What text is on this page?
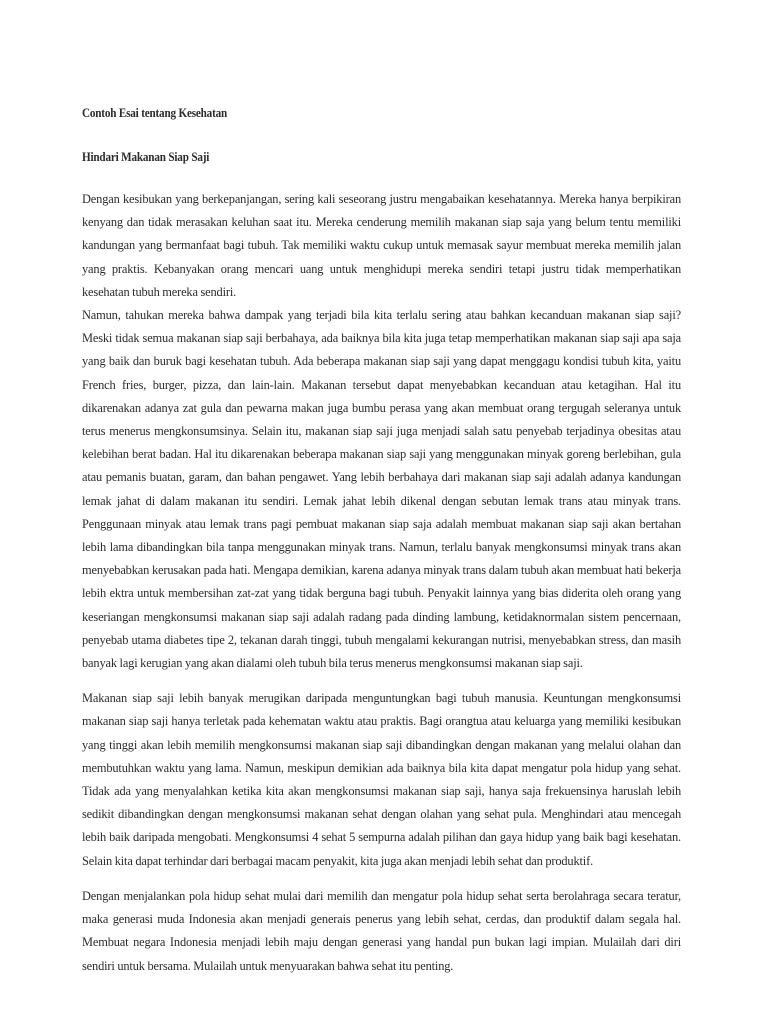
Contoh Esai tentang Kesehatan
Hindari Makanan Siap Saji

Dengan kesibukan yang berkepanjangan, sering kali seseorang justru mengabaikan kesehatannya. Mereka hanya berpikiran kenyang dan tidak merasakan keluhan saat itu. Mereka cenderung memilih makanan siap saja yang belum tentu memiliki kandungan yang bermanfaat bagi tubuh. Tak memiliki waktu cukup untuk memasak sayur membuat mereka memilih jalan yang praktis. Kebanyakan orang mencari uang untuk menghidupi mereka sendiri tetapi justru tidak memperhatikan kesehatan tubuh mereka sendiri.

Namun, tahukan mereka bahwa dampak yang terjadi bila kita terlalu sering atau bahkan kecanduan makanan siap saji? Meski tidak semua makanan siap saji berbahaya, ada baiknya bila kita juga tetap memperhatikan makanan siap saji apa saja yang baik dan buruk bagi kesehatan tubuh. Ada beberapa makanan siap saji yang dapat menggagu kondisi tubuh kita, yaitu French fries, burger, pizza, dan lain-lain. Makanan tersebut dapat menyebabkan kecanduan atau ketagihan. Hal itu dikarenakan adanya zat gula dan pewarna makan juga bumbu perasa yang akan membuat orang tergugah seleranya untuk terus menerus mengkonsumsinya. Selain itu, makanan siap saji juga menjadi salah satu penyebab terjadinya obesitas atau kelebihan berat badan. Hal itu dikarenakan beberapa makanan siap saji yang menggunakan minyak goreng berlebihan, gula atau pemanis buatan, garam, dan bahan pengawet. Yang lebih berbahaya dari makanan siap saji adalah adanya kandungan lemak jahat di dalam makanan itu sendiri. Lemak jahat lebih dikenal dengan sebutan lemak trans atau minyak trans. Penggunaan minyak atau lemak trans pagi pembuat makanan siap saja adalah membuat makanan siap saji akan bertahan lebih lama dibandingkan bila tanpa menggunakan minyak trans. Namun, terlalu banyak mengkonsumsi minyak trans akan menyebabkan kerusakan pada hati. Mengapa demikian, karena adanya minyak trans dalam tubuh akan membuat hati bekerja lebih ektra untuk membersihan zat-zat yang tidak berguna bagi tubuh. Penyakit lainnya yang bias diderita oleh orang yang keseriangan mengkonsumsi makanan siap saji adalah radang pada dinding lambung, ketidaknormalan sistem pencernaan, penyebab utama diabetes tipe 2, tekanan darah tinggi, tubuh mengalami kekurangan nutrisi, menyebabkan stress, dan masih banyak lagi kerugian yang akan dialami oleh tubuh bila terus menerus mengkonsumsi makanan siap saji.

Makanan siap saji lebih banyak merugikan daripada menguntungkan bagi tubuh manusia. Keuntungan mengkonsumsi makanan siap saji hanya terletak pada kehematan waktu atau praktis. Bagi orangtua atau keluarga yang memiliki kesibukan yang tinggi akan lebih memilih mengkonsumsi makanan siap saji dibandingkan dengan makanan yang melalui olahan dan membutuhkan waktu yang lama. Namun, meskipun demikian ada baiknya bila kita dapat mengatur pola hidup yang sehat. Tidak ada yang menyalahkan ketika kita akan mengkonsumsi makanan siap saji, hanya saja frekuensinya haruslah lebih sedikit dibandingkan dengan mengkonsumsi makanan sehat dengan olahan yang sehat pula. Menghindari atau mencegah lebih baik daripada mengobati. Mengkonsumsi 4 sehat 5 sempurna adalah pilihan dan gaya hidup yang baik bagi kesehatan. Selain kita dapat terhindar dari berbagai macam penyakit, kita juga akan menjadi lebih sehat dan produktif.

Dengan menjalankan pola hidup sehat mulai dari memilih dan mengatur pola hidup sehat serta berolahraga secara teratur, maka generasi muda Indonesia akan menjadi generais penerus yang lebih sehat, cerdas, dan produktif dalam segala hal. Membuat negara Indonesia menjadi lebih maju dengan generasi yang handal pun bukan lagi impian. Mulailah dari diri sendiri untuk bersama. Mulailah untuk menyuarakan bahwa sehat itu penting.
